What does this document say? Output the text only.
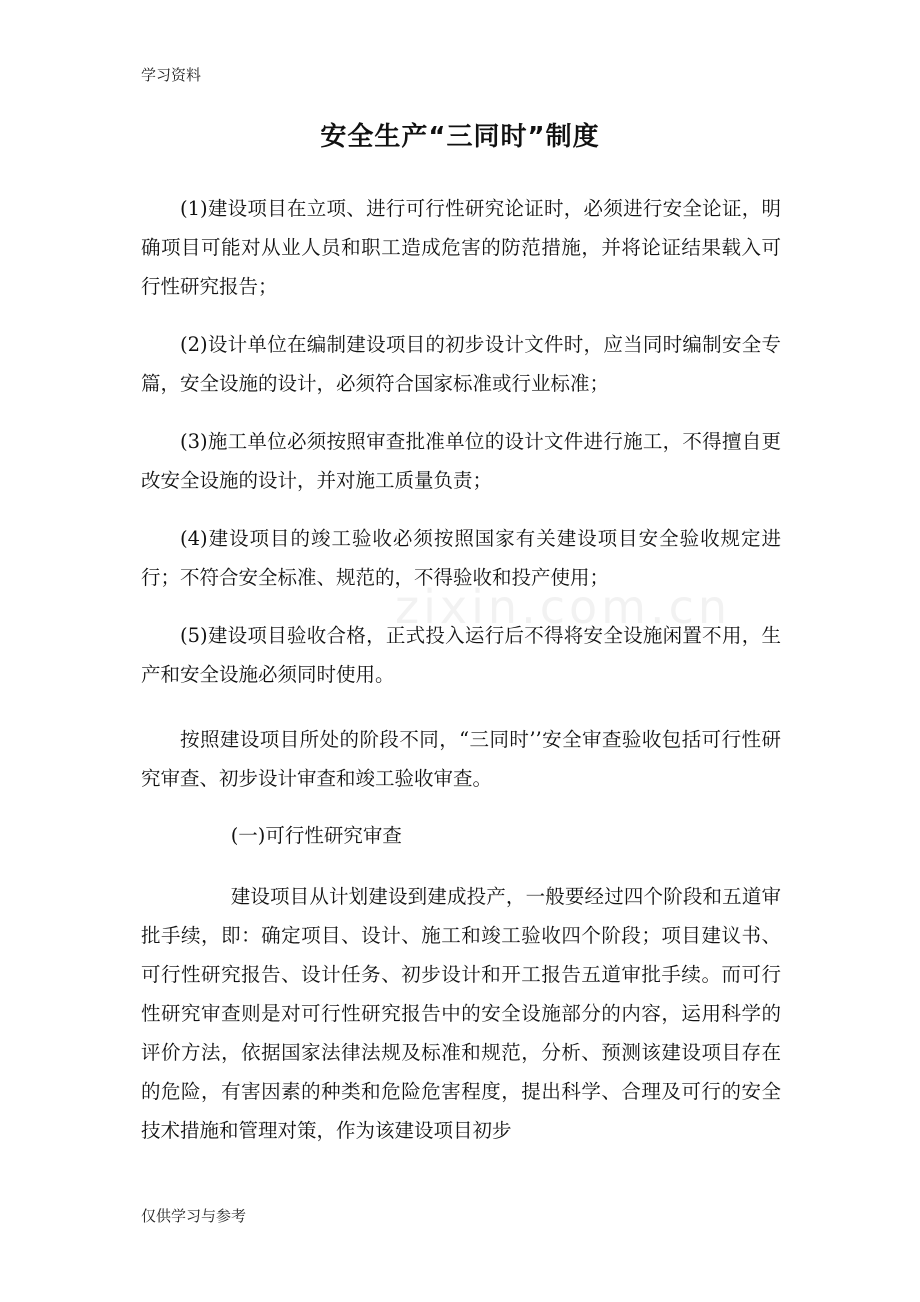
学习资料
zixin.com.cn
安全生产“三同时”制度

(1)建设项目在立项、进行可行性研究论证时，必须进行安全论证，明确项目可能对从业人员和职工造成危害的防范措施，并将论证结果载入可行性研究报告；

(2)设计单位在编制建设项目的初步设计文件时，应当同时编制安全专篇，安全设施的设计，必须符合国家标准或行业标准；

(3)施工单位必须按照审查批准单位的设计文件进行施工，不得擅自更改安全设施的设计，并对施工质量负责；

(4)建设项目的竣工验收必须按照国家有关建设项目安全验收规定进行；不符合安全标准、规范的，不得验收和投产使用；

(5)建设项目验收合格，正式投入运行后不得将安全设施闲置不用，生产和安全设施必须同时使用。

按照建设项目所处的阶段不同，“三同时’’安全审查验收包括可行性研究审查、初步设计审查和竣工验收审查。

(一)可行性研究审查

建设项目从计划建设到建成投产，一般要经过四个阶段和五道审批手续，即：确定项目、设计、施工和竣工验收四个阶段；项目建议书、可行性研究报告、设计任务、初步设计和开工报告五道审批手续。而可行性研究审查则是对可行性研究报告中的安全设施部分的内容，运用科学的评价方法，依据国家法律法规及标准和规范，分析、预测该建设项目存在的危险，有害因素的种类和危险危害程度，提出科学、合理及可行的安全技术措施和管理对策，作为该建设项目初步

仅供学习与参考
